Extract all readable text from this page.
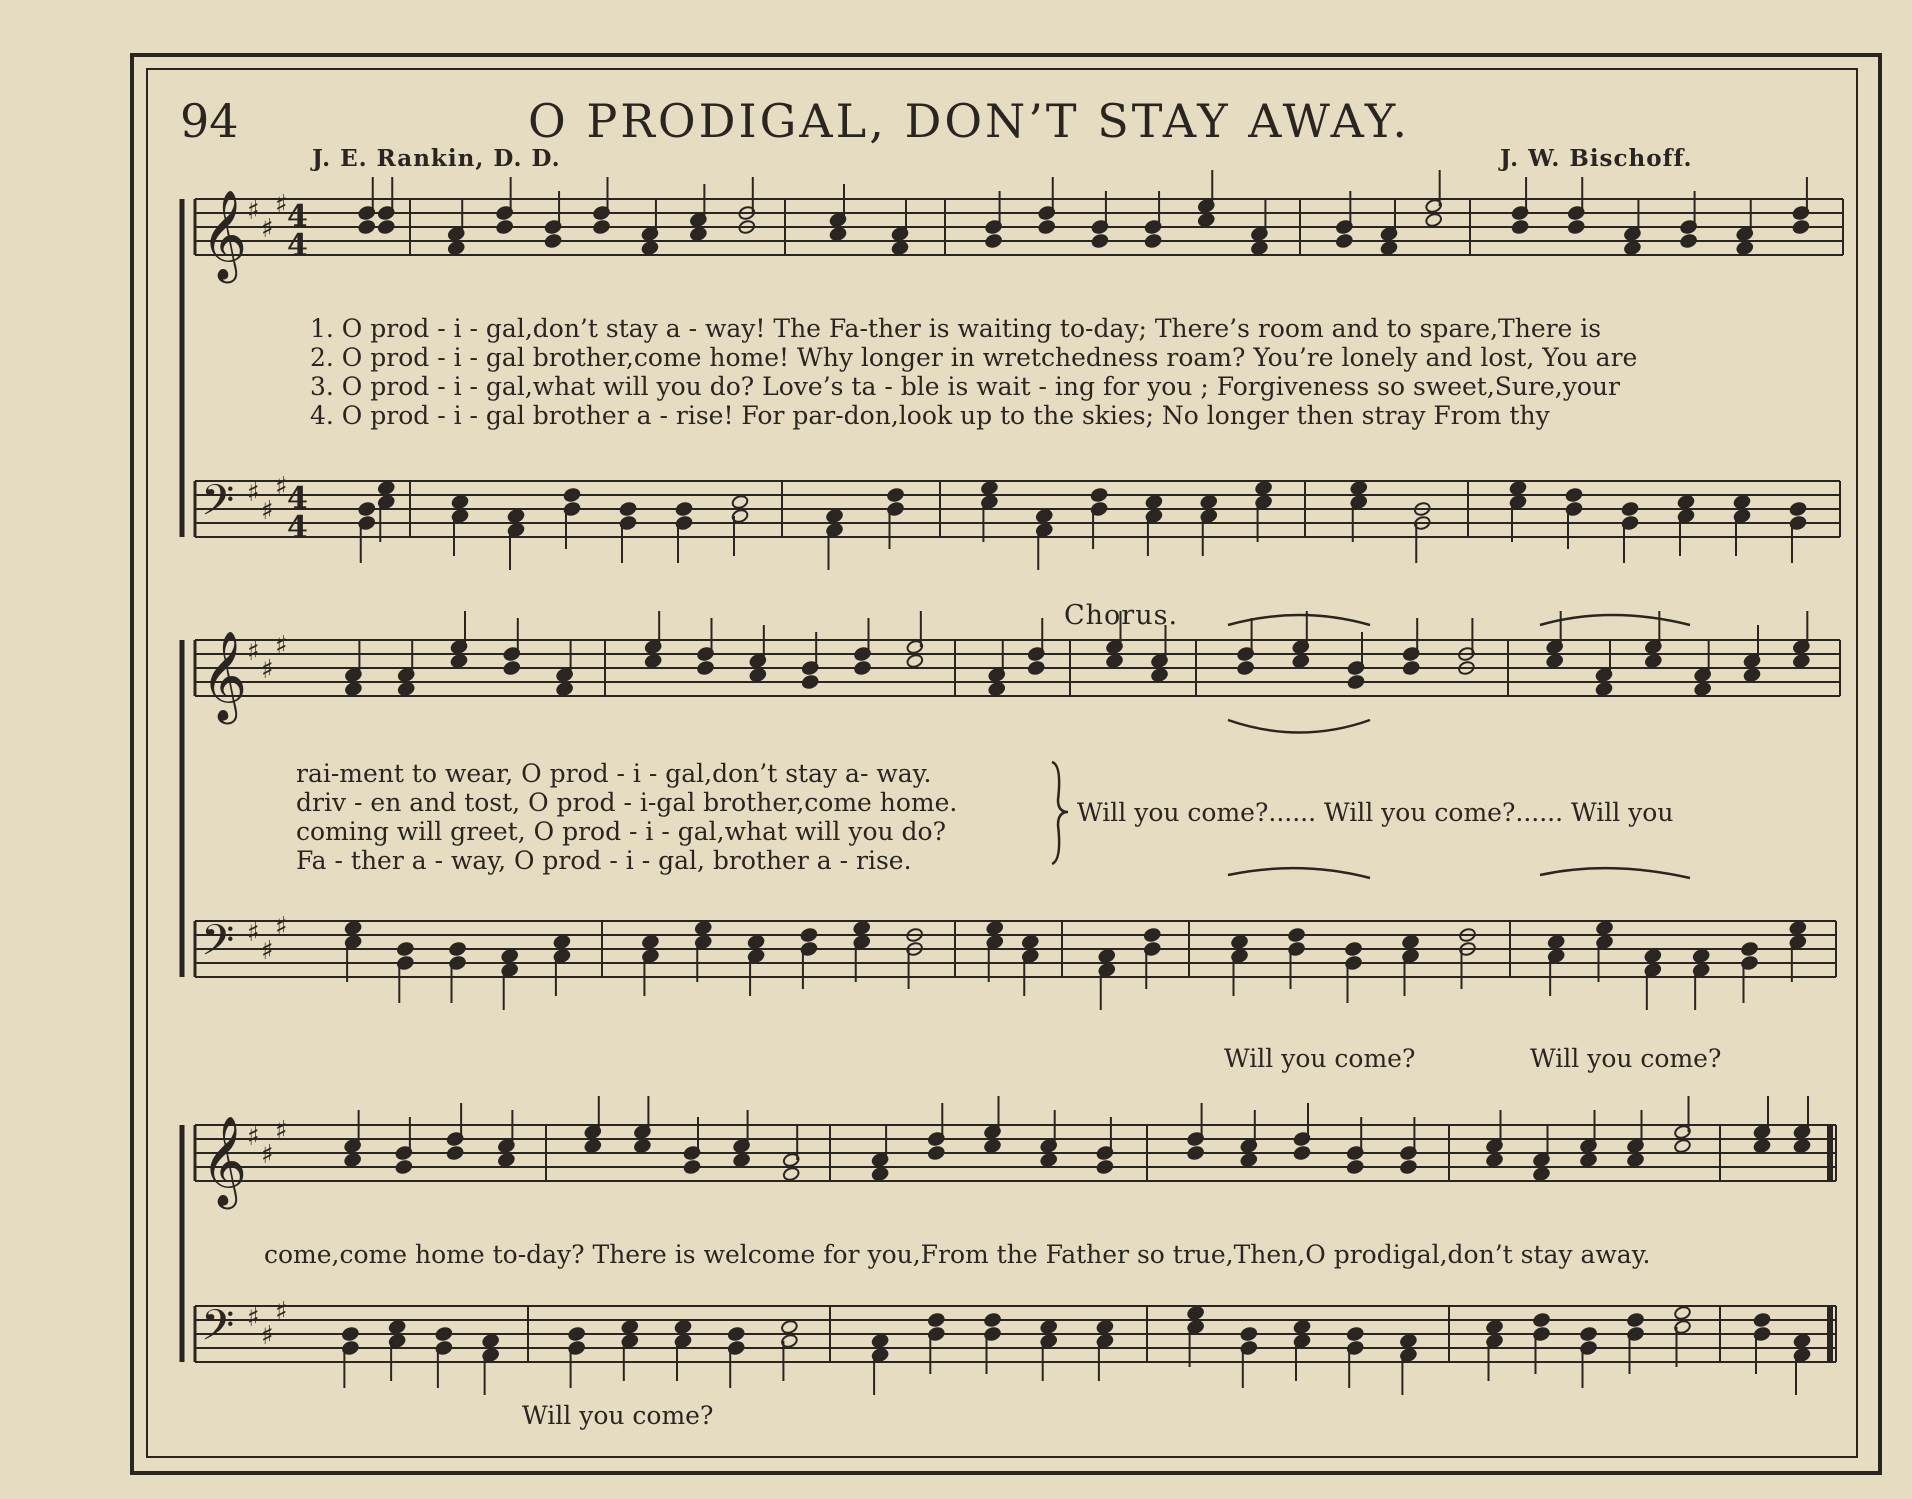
94	O PRODIGAL, DON’T STAY AWAY.
J. E. Rankin, D. D.	J. W. Bischoff.
1. O prod - i - gal,don’t stay a - way! The Fa-ther is waiting to-day; There’s room and to spare,There is
2. O prod - i - gal brother,come home! Why longer in wretchedness roam? You’re lonely and lost, You are
3. O prod - i - gal,what will you do? Love’s ta - ble is wait - ing for you ; Forgiveness so sweet,Sure,your
4. O prod - i - gal brother a - rise! For par-don,look up to the skies; No longer then stray From thy
Chorus.
rai-ment to wear, O prod - i - gal,don’t stay a- way.
driv - en and tost, O prod - i-gal brother,come home.
coming will greet, O prod - i - gal,what will you do?
Fa - ther a - way, O prod - i - gal, brother a - rise.
Will you come?...... Will you come?...... Will you
Will you come?	Will you come?
come,come home to-day? There is welcome for you,From the Father so true,Then,O prodigal,don’t stay away.
Will you come?
𝄞 ♯
♯
♯ 4
4
𝄢 ♯
♯
♯ 4
4
𝄞 ♯
♯
♯
𝄢 ♯
♯
♯
𝄞 ♯
♯
♯
𝄢 ♯
♯
♯
